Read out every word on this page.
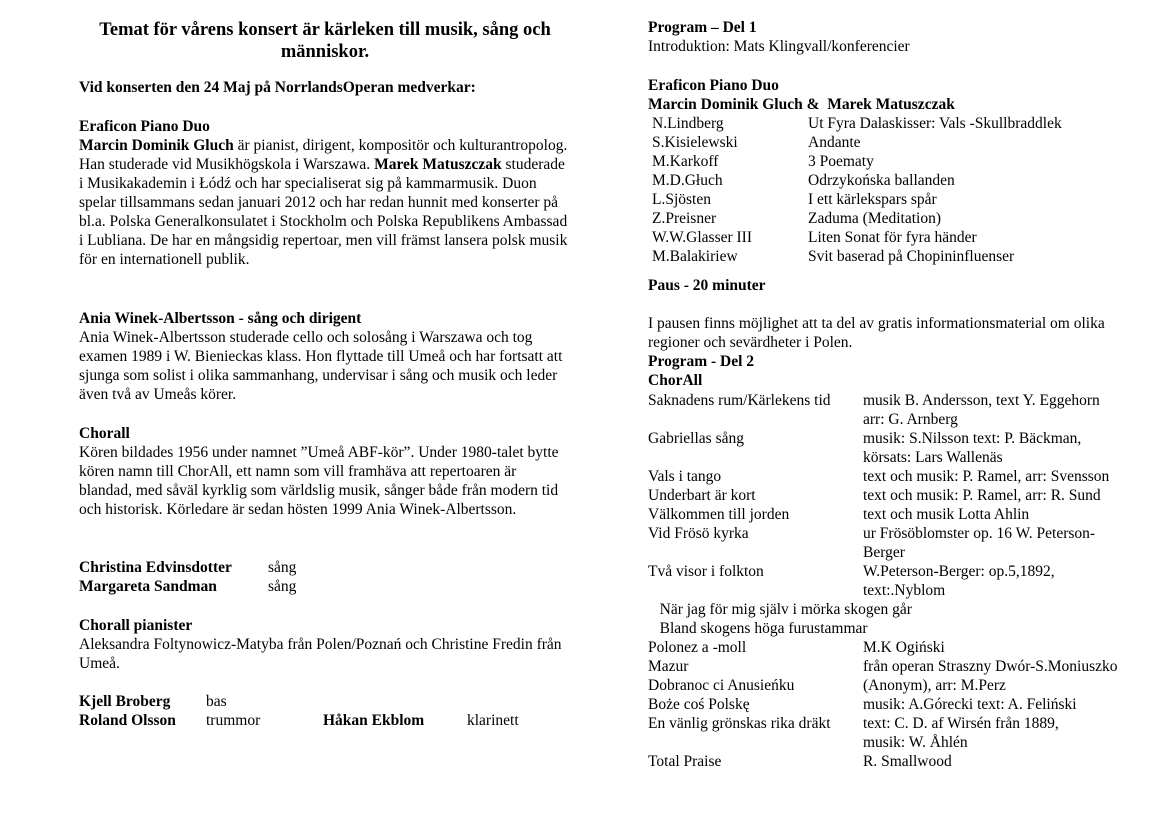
Temat för vårens konsert är kärleken till musik, sång och människor.

Vid konserten den 24 Maj på NorrlandsOperan medverkar:

Eraficon Piano Duo

Marcin Dominik Gluch är pianist, dirigent, kompositör och kulturantropolog. Han studerade vid Musikhögskola i Warszawa. Marek Matuszczak studerade i Musikakademin i Łódź och har specialiserat sig på kammarmusik. Duon spelar tillsammans sedan januari 2012 och har redan hunnit med konserter på bl.a. Polska Generalkonsulatet i Stockholm och Polska Republikens Ambassad i Lubliana. De har en mångsidig repertoar, men vill främst lansera polsk musik för en internationell publik.

Ania Winek-Albertsson - sång och dirigent

Ania Winek-Albertsson studerade cello och solosång i Warszawa och tog examen 1989 i W. Bienieckas klass. Hon flyttade till Umeå och har fortsatt att sjunga som solist i olika sammanhang, undervisar i sång och musik och leder även två av Umeås körer.

Chorall

Kören bildades 1956 under namnet ”Umeå ABF-kör”. Under 1980-talet bytte kören namn till ChorAll, ett namn som vill framhäva att repertoaren är blandad, med såväl kyrklig som världslig musik, sånger både från modern tid och historisk. Körledare är sedan hösten 1999 Ania Winek-Albertsson.

Christina Edvinsdotter sång
Margareta Sandman	sång

Chorall pianister

Aleksandra Foltynowicz-Matyba från Polen/Poznań och Christine Fredin från Umeå.

Kjell Broberg bas
Roland Olsson trummor	Håkan Ekblom	klarinett

Program – Del 1

Introduktion: Mats Klingvall/konferencier

Eraficon Piano Duo

Marcin Dominik Gluch &  Marek Matuszczak

N.Lindberg	Ut Fyra Dalaskisser: Vals -Skullbraddlek
S.Kisielewski	Andante
M.Karkoff	3 Poematy
M.D.Głuch	Odrzykońska ballanden
L.Sjösten	I ett kärlekspars spår
Z.Preisner	Zaduma (Meditation)
W.W.Glasser III	Liten Sonat för fyra händer
M.Balakiriew	Svit baserad på Chopininfluenser

Paus - 20 minuter

I pausen finns möjlighet att ta del av gratis informationsmaterial om olika regioner och sevärdheter i Polen.

Program - Del 2

ChorAll

Saknadens rum/Kärlekens tid musik B. Andersson, text Y. Eggehorn
arr: G. Arnberg
Gabriellas sång	musik: S.Nilsson text: P. Bäckman,
körsats: Lars Wallenäs
Vals i tango	text och musik: P. Ramel, arr: Svensson
Underbart är kort	text och musik: P. Ramel, arr: R. Sund
Välkommen till jorden	text och musik Lotta Ahlin
Vid Frösö kyrka	ur Frösöblomster op. 16 W. Peterson-
Berger
Två visor i folkton	W.Peterson-Berger: op.5,1892,
text:.Nyblom
När jag för mig själv i mörka skogen går
Bland skogens höga furustammar
Polonez a -moll	M.K Ogiński
Mazur	från operan Straszny Dwór-S.Moniuszko
Dobranoc ci Anusieńku	(Anonym), arr: M.Perz
Boże coś Polskę	musik: A.Górecki text: A. Feliński
En vänlig grönskas rika dräkt text: C. D. af Wirsén från 1889,
musik: W. Åhlén
Total Praise	R. Smallwood
